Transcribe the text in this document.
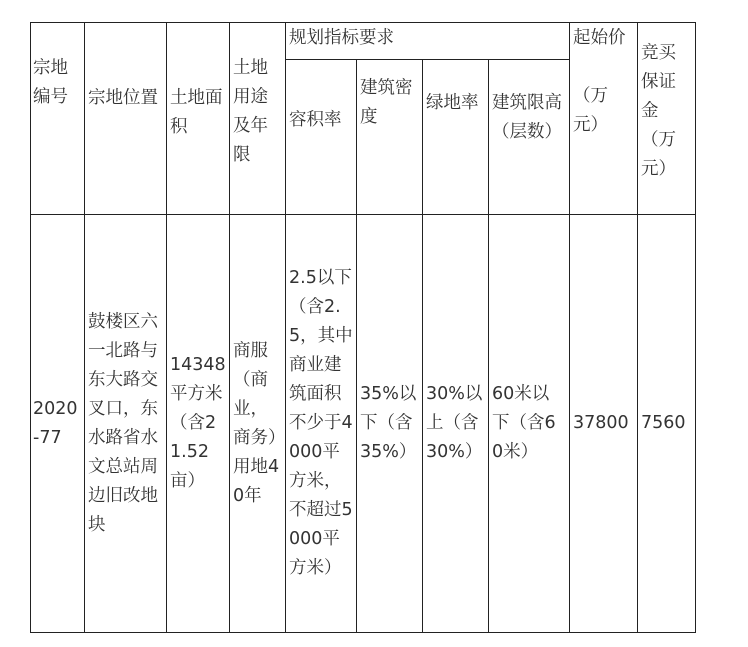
宗地编号	宗地位置 土地面积
土地用途及年限
规划指标要求
容积率
建筑密度
绿地率 建筑限高（层数）
起始价

（万元）
竞买保证金（万元）
2020-77
鼓楼区六一北路与东大路交叉口，东水路省水文总站周边旧改地块
14348平方米（含21.52亩）
商服（商业，商务）用地40年
2.5以下（含2.5，其中商业建筑面积不少于4000平方米，不超过5000平方米）
35%以下（含35%）
30%以上（含30%）
60米以下（含60米）
37800 7560
